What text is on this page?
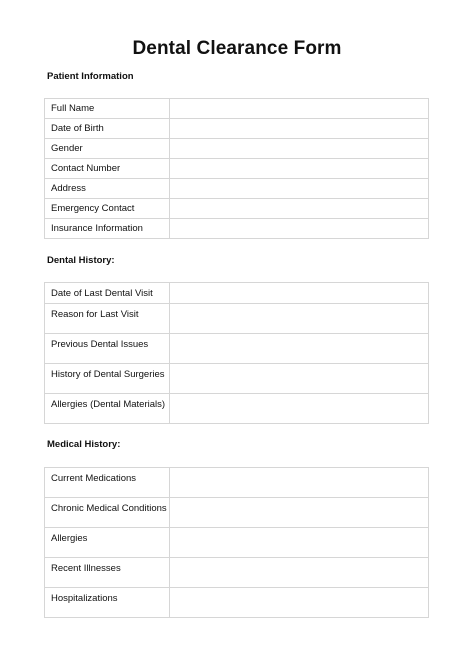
Dental Clearance Form
Patient Information
Full Name	
Date of Birth	
Gender	
Contact Number	
Address	
Emergency Contact	
Insurance Information	
Dental History:
Date of Last Dental Visit	
Reason for Last Visit	
Previous Dental Issues	
History of Dental Surgeries	
Allergies (Dental Materials)	
Medical History:
Current Medications	
Chronic Medical Conditions	
Allergies	
Recent Illnesses	
Hospitalizations	
